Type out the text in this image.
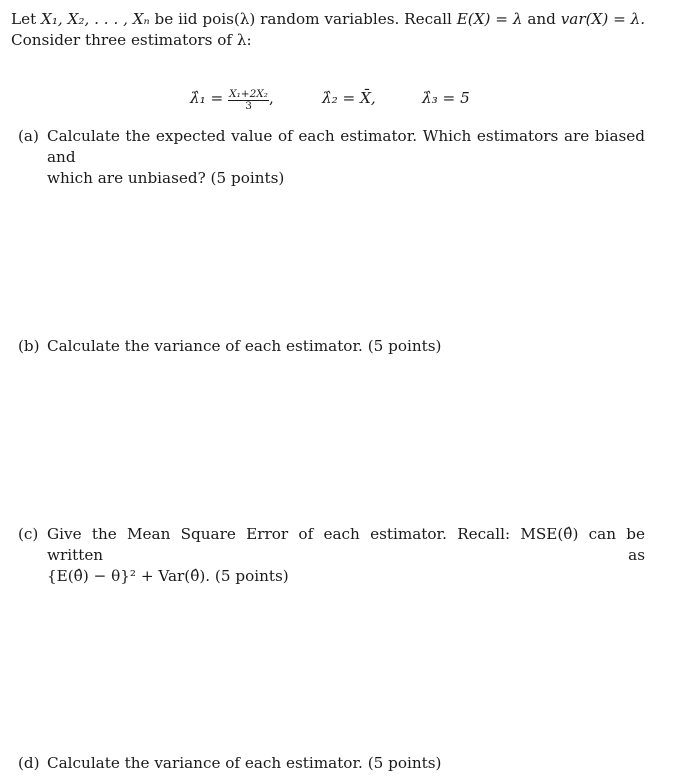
Let X₁, X₂, . . . , Xₙ be iid pois(λ) random variables. Recall E(X) = λ and var(X) = λ.
Consider three estimators of λ:
λ̂₁ = $\frac{\text{X₁+2X₂}}{3}$ ,	λ̂₂ = X̄,	λ̂₃ = 5
(a) Calculate the expected value of each estimator. Which estimators are biased and
which are unbiased? (5 points)
(b) Calculate the variance of each estimator. (5 points)
(c) Give the Mean Square Error of each estimator. Recall: MSE(θ̂) can be written as
{E(θ̂) − θ}² + Var(θ̂). (5 points)
(d) Calculate the variance of each estimator. (5 points)
